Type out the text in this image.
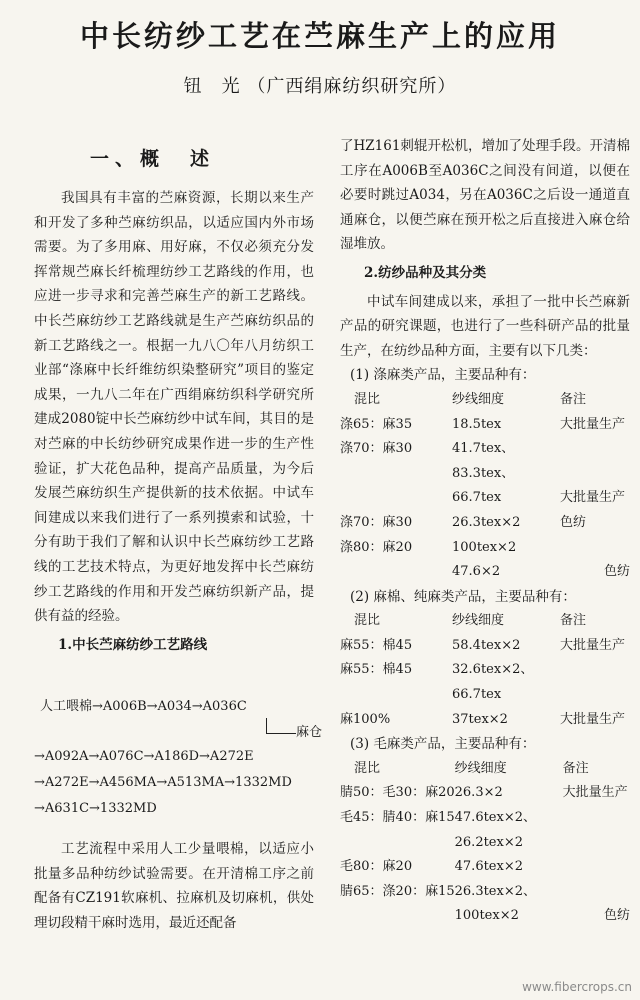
中长纺纱工艺在苎麻生产上的应用
钮　光 （广西绢麻纺织研究所）
一、概　述

我国具有丰富的苎麻资源，长期以来生产和开发了多种苎麻纺织品，以适应国内外市场需要。为了多用麻、用好麻，不仅必须充分发挥常规苎麻长纤梳理纺纱工艺路线的作用，也应进一步寻求和完善苎麻生产的新工艺路线。中长苎麻纺纱工艺路线就是生产苎麻纺织品的新工艺路线之一。根据一九八〇年八月纺织工业部“涤麻中长纤维纺织染整研究”项目的鉴定成果，一九八二年在广西绢麻纺织科学研究所建成2080锭中长苎麻纺纱中试车间，其目的是对苎麻的中长纺纱研究成果作进一步的生产性验证，扩大花色品种，提高产品质量，为今后发展苎麻纺织生产提供新的技术依据。中试车间建成以来我们进行了一系列摸索和试验，十分有助于我们了解和认识中长苎麻纺纱工艺路线的工艺技术特点，为更好地发挥中长苎麻纺纱工艺路线的作用和开发苎麻纺织新产品，提供有益的经验。

1.中长苎麻纺纱工艺路线
人工喂棉→A006B→A034→A036C
麻仓
→A092A→A076C→A186D→A272E
→A272E→A456MA→A513MA→1332MD
→A631C→1332MD

工艺流程中采用人工少量喂棉，以适应小批量多品种纺纱试验需要。在开清棉工序之前配备有CZ191软麻机、拉麻机及切麻机，供处理切段精干麻时选用，最近还配备

了HZ161刺辊开松机，增加了处理手段。开清棉工序在A006B至A036C之间没有间道，以便在必要时跳过A034，另在A036C之后设一通道直通麻仓，以便苎麻在预开松之后直接进入麻仓给湿堆放。

2.纺纱品种及其分类

中试车间建成以来，承担了一批中长苎麻新产品的研究课题，也进行了一些科研产品的批量生产，在纺纱品种方面，主要有以下几类：

(1) 涤麻类产品，主要品种有：
混比	纱线细度	备注
涤65：麻35	18.5tex	大批量生产
涤70：麻30	41.7tex、	
	83.3tex、	
	66.7tex	大批量生产
涤70：麻30	26.3tex×2	色纺
涤80：麻20	100tex×2	
	47.6×2	色纺
(2) 麻棉、纯麻类产品，主要品种有：
混比	纱线细度	备注
麻55：棉45	58.4tex×2	大批量生产
麻55：棉45	32.6tex×2、	
	66.7tex	
麻100%	37tex×2	大批量生产
(3) 毛麻类产品，主要品种有：
混比	纱线细度	备注
腈50：毛30：麻20	26.3×2	大批量生产
毛45：腈40：麻15	47.6tex×2、	
	26.2tex×2	
毛80：麻20	47.6tex×2	
腈65：涤20：麻15	26.3tex×2、	
	100tex×2	色纺
www.fibercrops.cn
